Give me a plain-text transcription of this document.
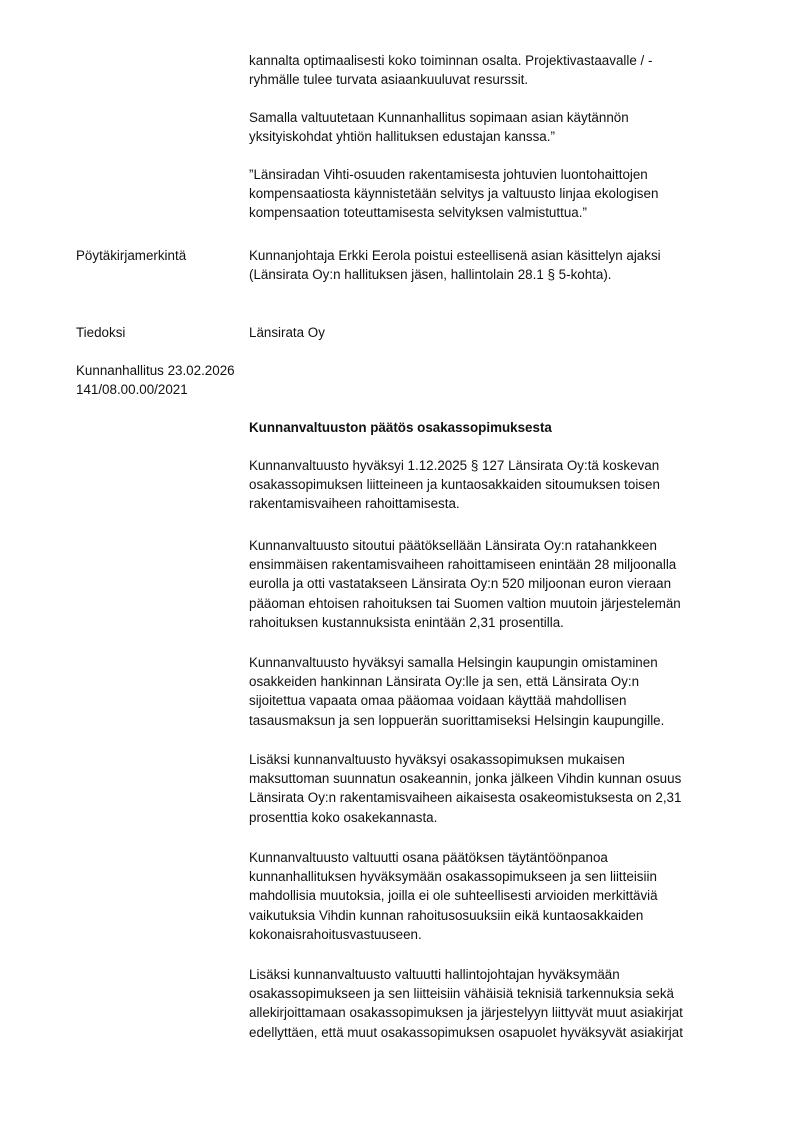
kannalta optimaalisesti koko toiminnan osalta. Projektivastaavalle / -
ryhmälle tulee turvata asiaankuuluvat resurssit.
Samalla valtuutetaan Kunnanhallitus sopimaan asian käytännön
yksityiskohdat yhtiön hallituksen edustajan kanssa.”
”Länsiradan Vihti-osuuden rakentamisesta johtuvien luontohaittojen
kompensaatiosta käynnistetään selvitys ja valtuusto linjaa ekologisen
kompensaation toteuttamisesta selvityksen valmistuttua.”
Pöytäkirjamerkintä	Kunnanjohtaja Erkki Eerola poistui esteellisenä asian käsittelyn ajaksi
(Länsirata Oy:n hallituksen jäsen, hallintolain 28.1 § 5-kohta).
Tiedoksi	Länsirata Oy
Kunnanhallitus 23.02.2026
141/08.00.00/2021
Kunnanvaltuuston päätös osakassopimuksesta
Kunnanvaltuusto hyväksyi 1.12.2025 § 127 Länsirata Oy:tä koskevan
osakassopimuksen liitteineen ja kuntaosakkaiden sitoumuksen toisen
rakentamisvaiheen rahoittamisesta.
Kunnanvaltuusto sitoutui päätöksellään Länsirata Oy:n ratahankkeen
ensimmäisen rakentamisvaiheen rahoittamiseen enintään 28 miljoonalla
eurolla ja otti vastatakseen Länsirata Oy:n 520 miljoonan euron vieraan
pääoman ehtoisen rahoituksen tai Suomen valtion muutoin järjestelemän
rahoituksen kustannuksista enintään 2,31 prosentilla.
Kunnanvaltuusto hyväksyi samalla Helsingin kaupungin omistaminen
osakkeiden hankinnan Länsirata Oy:lle ja sen, että Länsirata Oy:n
sijoitettua vapaata omaa pääomaa voidaan käyttää mahdollisen
tasausmaksun ja sen loppuerän suorittamiseksi Helsingin kaupungille.
Lisäksi kunnanvaltuusto hyväksyi osakassopimuksen mukaisen
maksuttoman suunnatun osakeannin, jonka jälkeen Vihdin kunnan osuus
Länsirata Oy:n rakentamisvaiheen aikaisesta osakeomistuksesta on 2,31
prosenttia koko osakekannasta.
Kunnanvaltuusto valtuutti osana päätöksen täytäntöönpanoa
kunnanhallituksen hyväksymään osakassopimukseen ja sen liitteisiin
mahdollisia muutoksia, joilla ei ole suhteellisesti arvioiden merkittäviä
vaikutuksia Vihdin kunnan rahoitusosuuksiin eikä kuntaosakkaiden
kokonaisrahoitusvastuuseen.
Lisäksi kunnanvaltuusto valtuutti hallintojohtajan hyväksymään
osakassopimukseen ja sen liitteisiin vähäisiä teknisiä tarkennuksia sekä
allekirjoittamaan osakassopimuksen ja järjestelyyn liittyvät muut asiakirjat
edellyttäen, että muut osakassopimuksen osapuolet hyväksyvät asiakirjat
